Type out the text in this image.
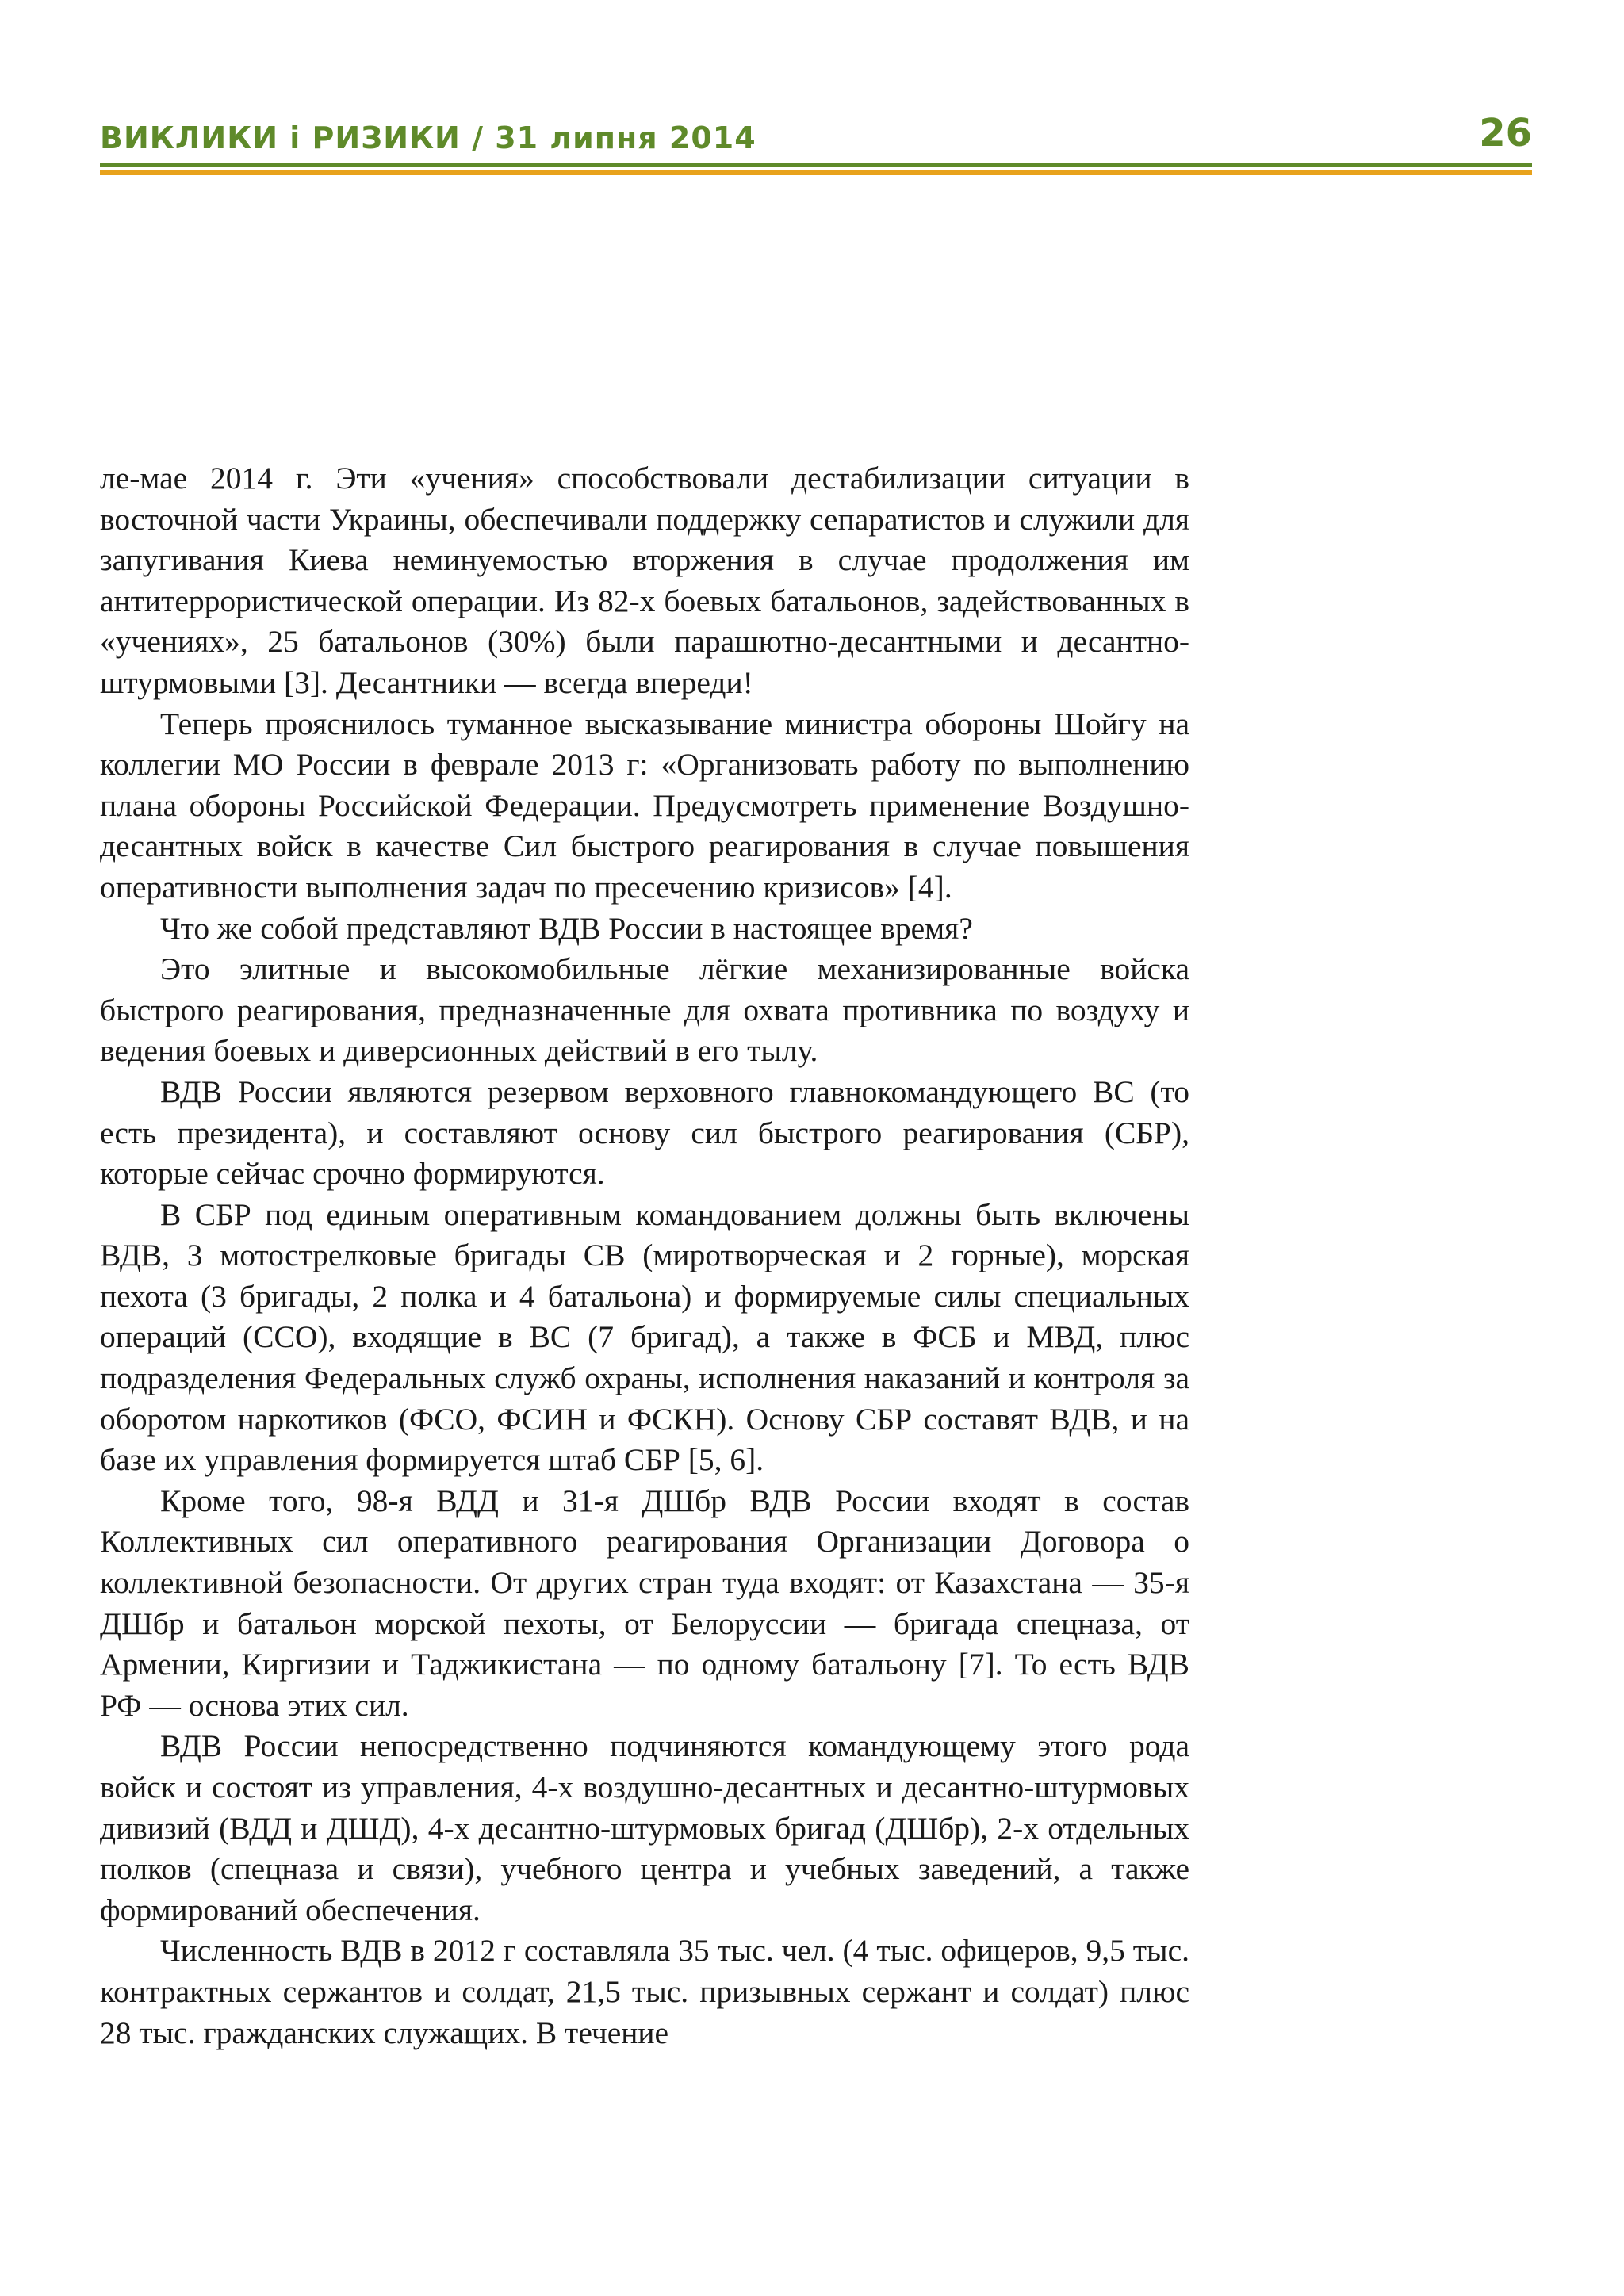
ВИКЛИКИ і РИЗИКИ / 31 липня 2014	26

ле-мае 2014 г. Эти «учения» способствовали дестабилизации ситуации в восточной части Украины, обеспечивали поддержку сепаратистов и служили для запугивания Киева неминуемостью вторжения в случае продолжения им антитеррористической операции. Из 82-х боевых батальонов, задействованных в «учениях», 25 батальонов (30%) были парашютно-десантными и десантно-штурмовыми [3]. Десантники — всегда впереди!

Теперь прояснилось туманное высказывание министра обороны Шойгу на коллегии МО России в феврале 2013 г: «Организовать работу по выполнению плана обороны Российской Федерации. Предусмотреть применение Воздушно-десантных войск в качестве Сил быстрого реагирования в случае повышения оперативности выполнения задач по пресечению кризисов» [4].

Что же собой представляют ВДВ России в настоящее время?

Это элитные и высокомобильные лёгкие механизированные войска быстрого реагирования, предназначенные для охвата противника по воздуху и ведения боевых и диверсионных действий в его тылу.

ВДВ России являются резервом верховного главнокомандующего ВС (то есть президента), и составляют основу сил быстрого реагирования (СБР), которые сейчас срочно формируются.

В СБР под единым оперативным командованием должны быть включены ВДВ, 3 мотострелковые бригады СВ (миротворческая и 2 горные), морская пехота (3 бригады, 2 полка и 4 батальона) и формируемые силы специальных операций (ССО), входящие в ВС (7 бригад), а также в ФСБ и МВД, плюс подразделения Федеральных служб охраны, исполнения наказаний и контроля за оборотом наркотиков (ФСО, ФСИН и ФСКН). Основу СБР составят ВДВ, и на базе их управления формируется штаб СБР [5, 6].

Кроме того, 98-я ВДД и 31-я ДШбр ВДВ России входят в состав Коллективных сил оперативного реагирования Организации Договора о коллективной безопасности. От других стран туда входят: от Казахстана — 35-я ДШбр и батальон морской пехоты, от Белоруссии — бригада спецназа, от Армении, Киргизии и Таджикистана — по одному батальону [7]. То есть ВДВ РФ — основа этих сил.

ВДВ России непосредственно подчиняются командующему этого рода войск и состоят из управления, 4-х воздушно-десантных и десантно-штурмовых дивизий (ВДД и ДШД), 4-х десантно-штурмовых бригад (ДШбр), 2-х отдельных полков (спецназа и связи), учебного центра и учебных заведений, а также формирований обеспечения.

Численность ВДВ в 2012 г составляла 35 тыс. чел. (4 тыс. офицеров, 9,5 тыс. контрактных сержантов и солдат, 21,5 тыс. призывных сержант и солдат) плюс 28 тыс. гражданских служащих. В течение
